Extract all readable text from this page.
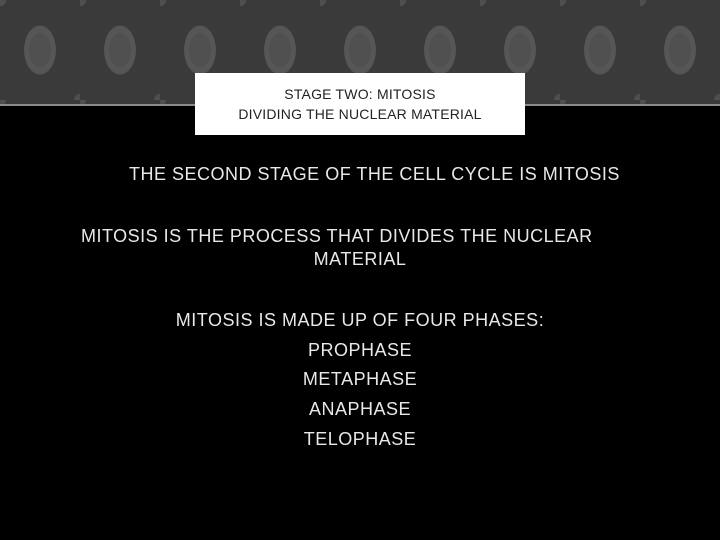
STAGE TWO: MITOSIS
DIVIDING THE NUCLEAR MATERIAL
THE SECOND STAGE OF THE CELL CYCLE IS MITOSIS
MITOSIS IS THE PROCESS THAT DIVIDES THE NUCLEAR
MATERIAL
MITOSIS IS MADE UP OF FOUR PHASES:
PROPHASE
METAPHASE
ANAPHASE
TELOPHASE
